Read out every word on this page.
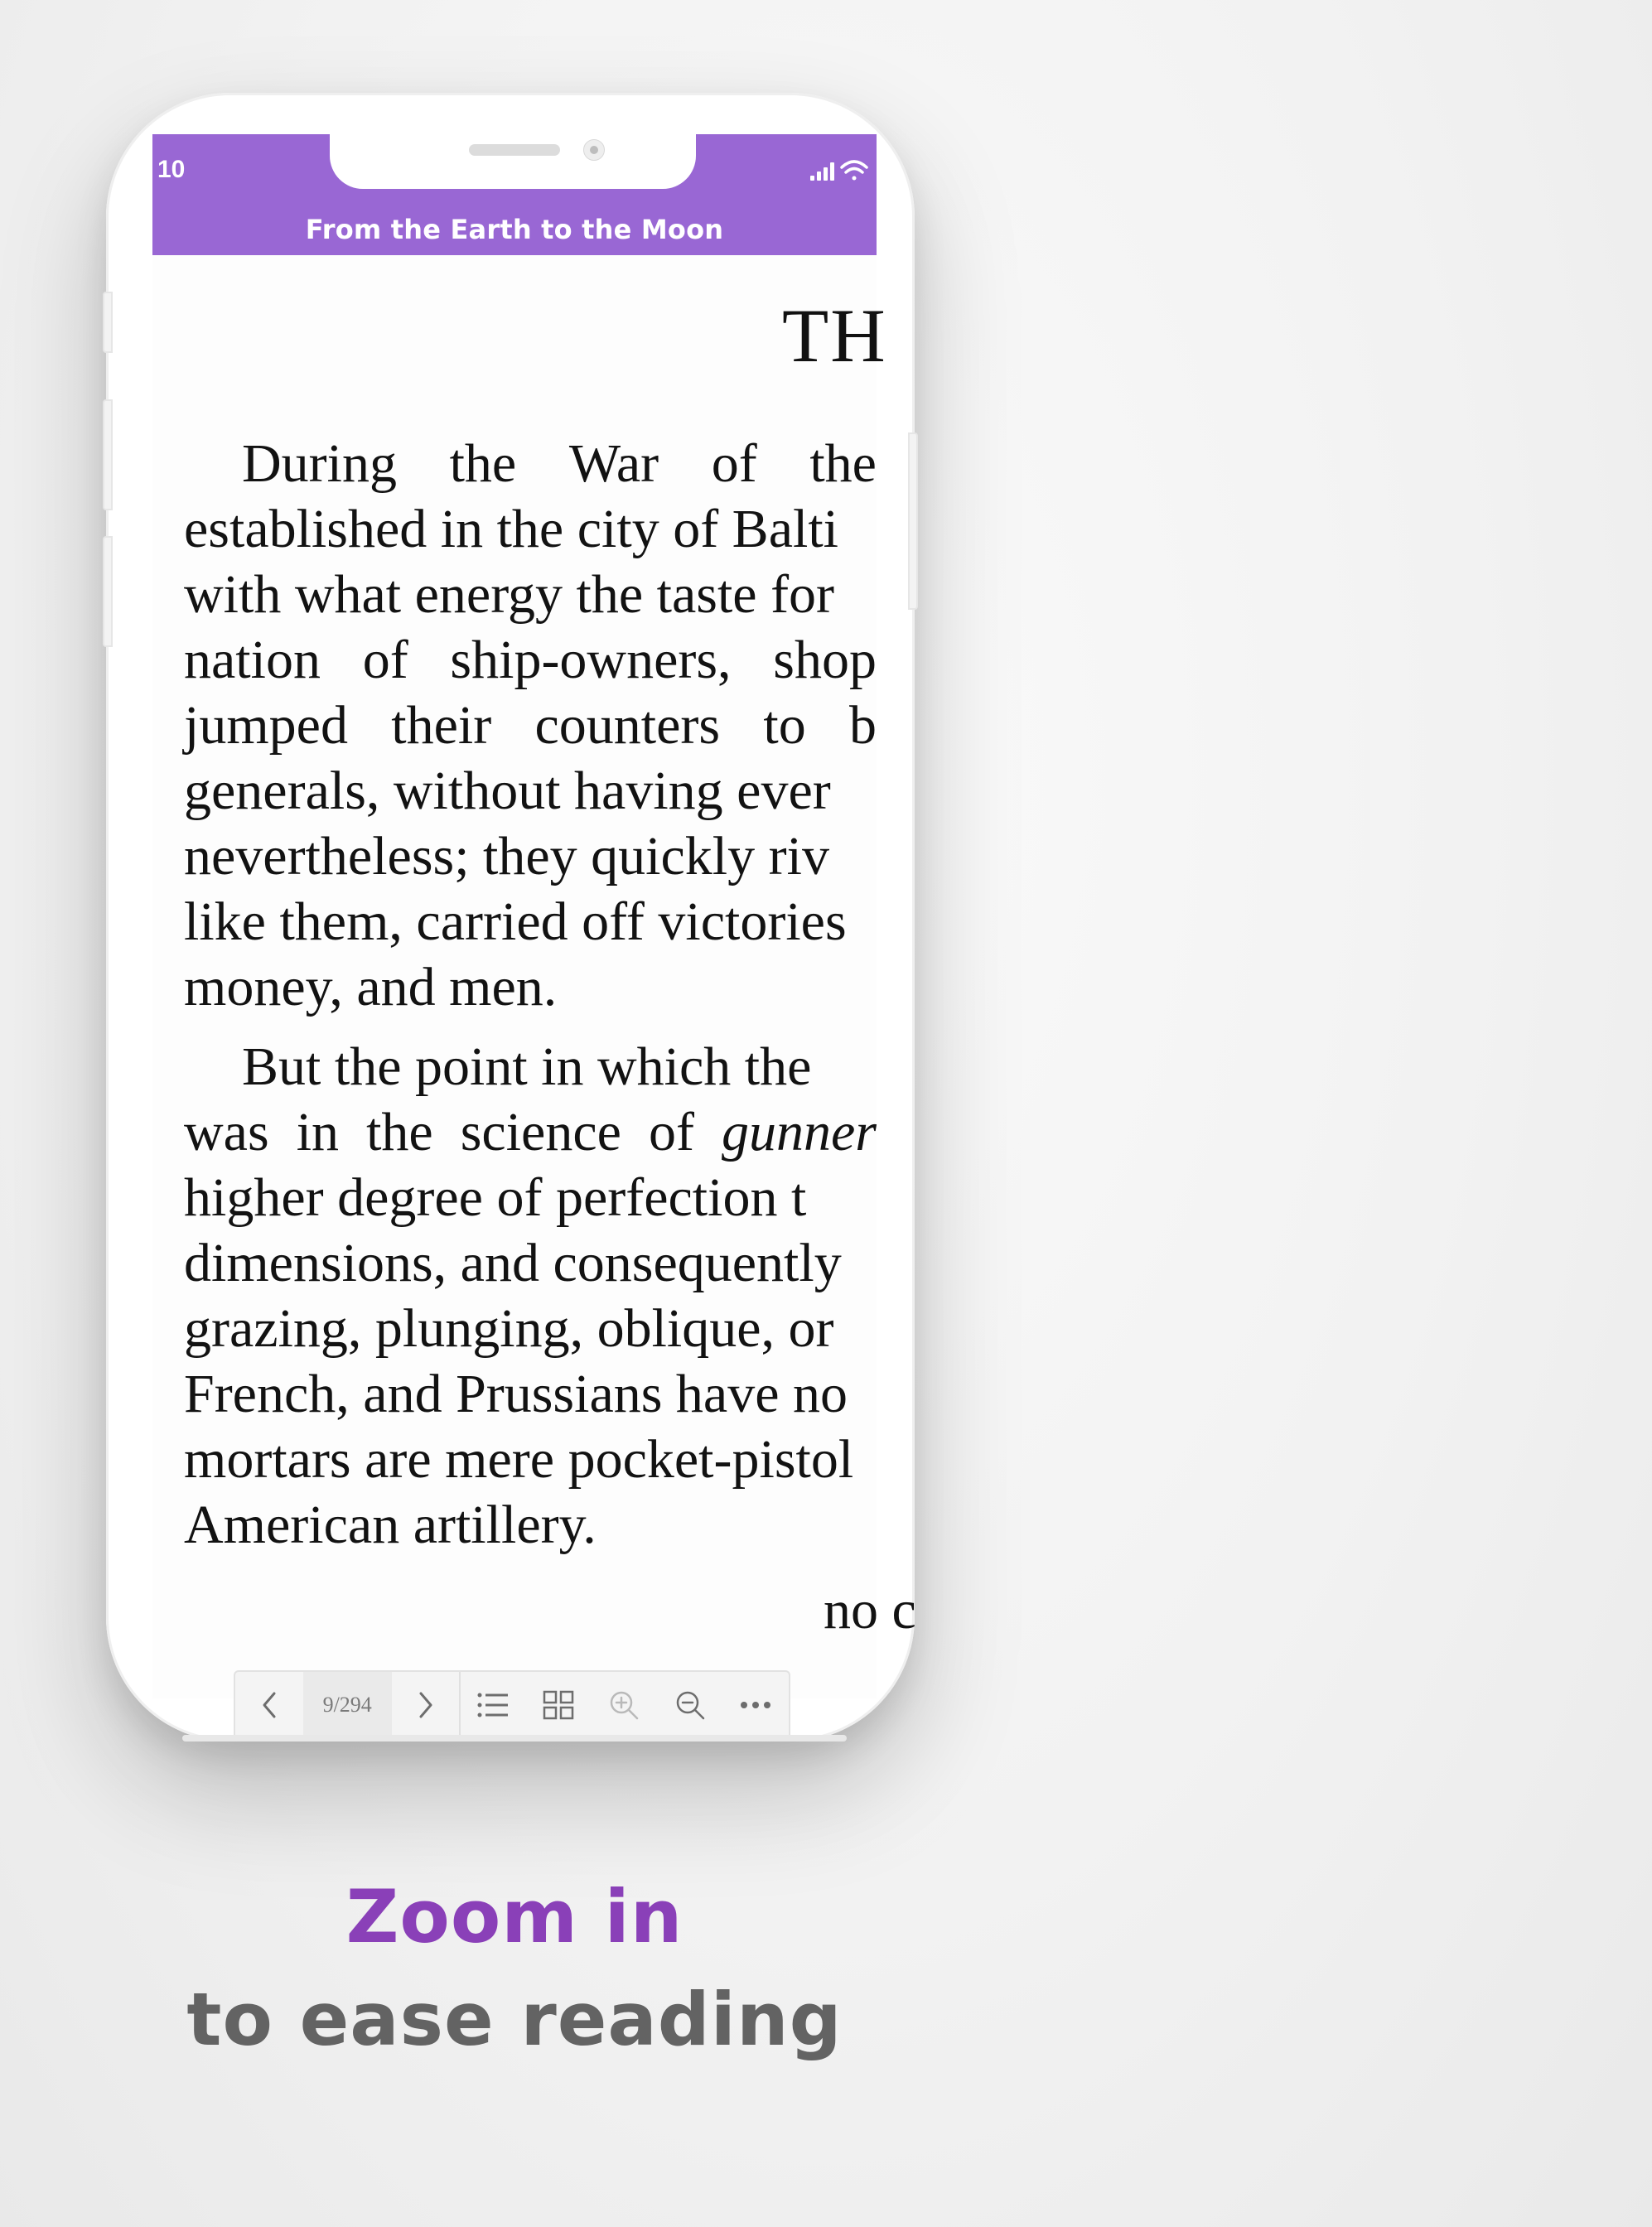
10
From the Earth to the Moon
TH

During the War of the
established in the city of Balti
with what energy the taste for
nation of ship-owners, shop
jumped their counters to b
generals, without having ever
nevertheless; they quickly riv
like them, carried off victories
money, and men.

But the point in which the
was in the science of gunner
higher degree of perfection t
dimensions, and consequently
grazing, plunging, oblique, or
French, and Prussians have no
mortars are mere pocket-pistol
American artillery.

no c

9/294
Zoom in
to ease reading
